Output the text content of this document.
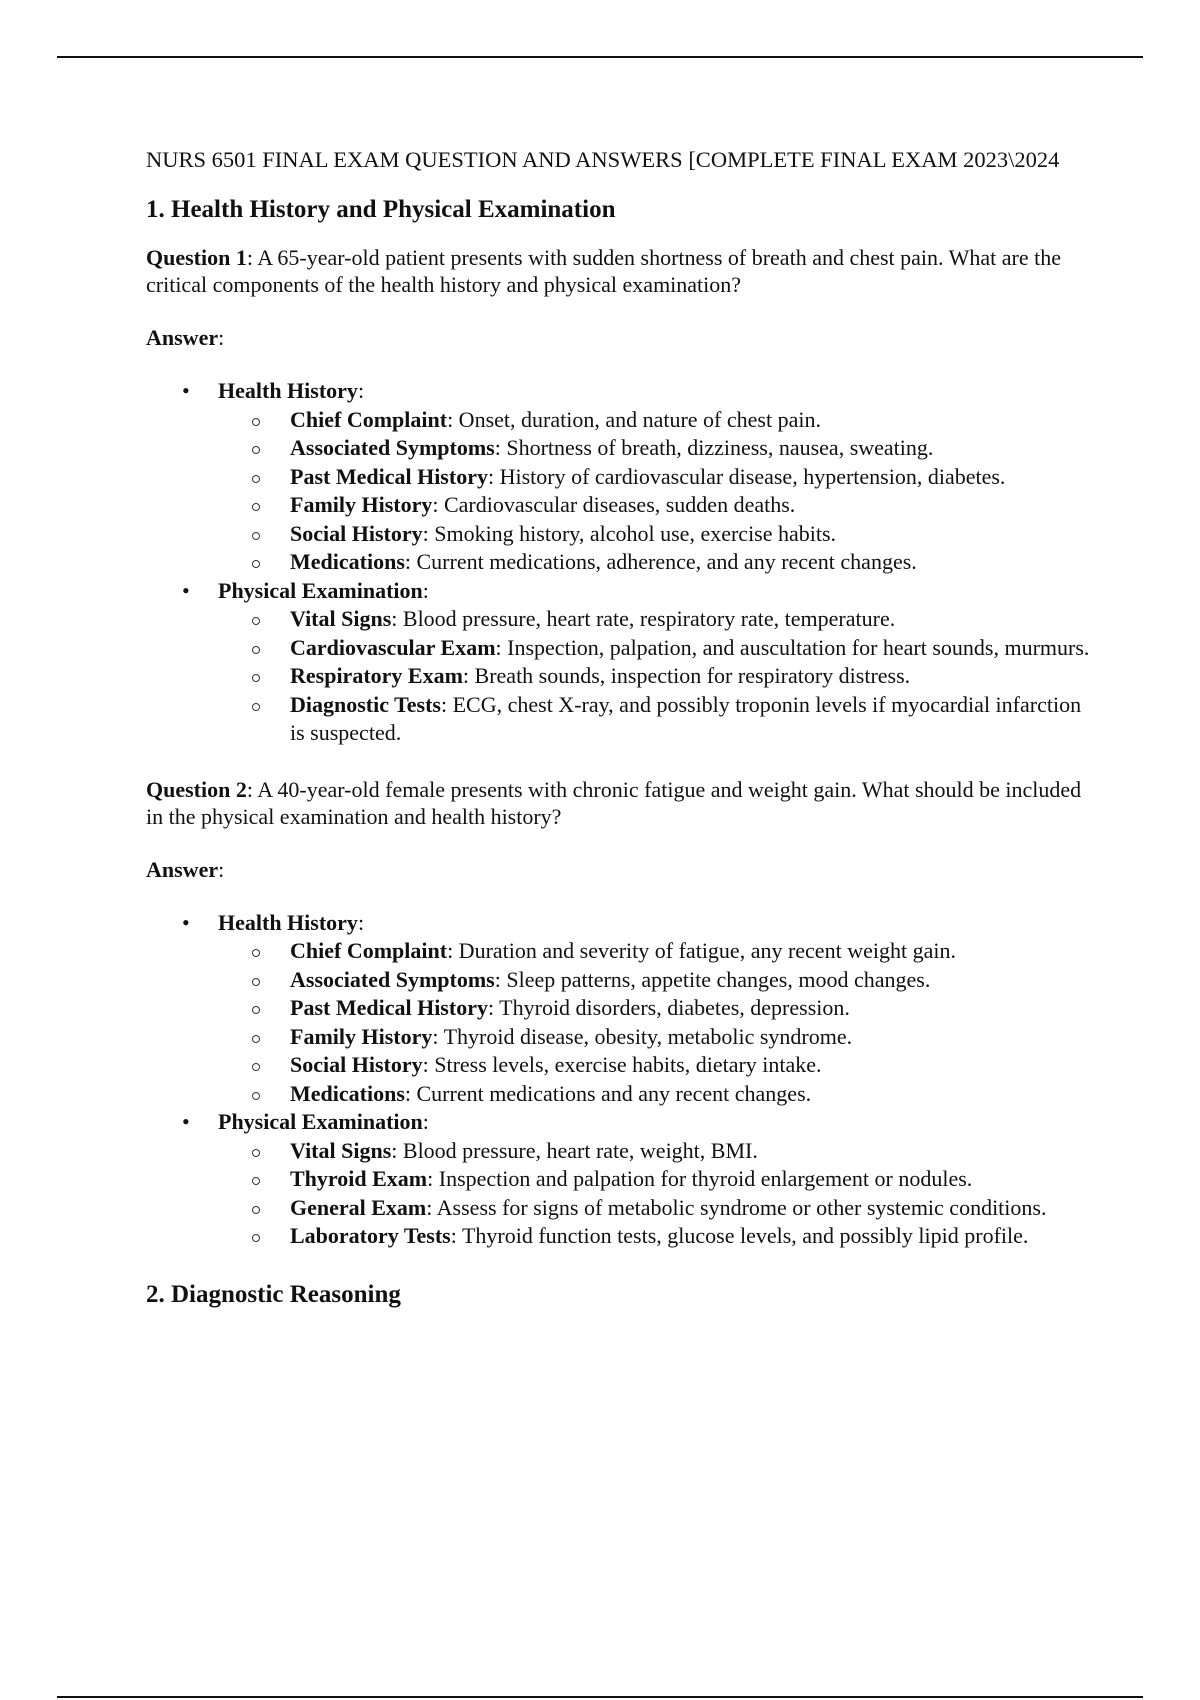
NURS 6501 FINAL EXAM QUESTION AND ANSWERS [COMPLETE FINAL EXAM 2023\2024

1. Health History and Physical Examination

Question 1: A 65-year-old patient presents with sudden shortness of breath and chest pain. What are the critical components of the health history and physical examination?

Answer:

• Health History:
Chief Complaint: Onset, duration, and nature of chest pain.
Associated Symptoms: Shortness of breath, dizziness, nausea, sweating.
Past Medical History: History of cardiovascular disease, hypertension, diabetes.
Family History: Cardiovascular diseases, sudden deaths.
Social History: Smoking history, alcohol use, exercise habits.
Medications: Current medications, adherence, and any recent changes.
• Physical Examination:
Vital Signs: Blood pressure, heart rate, respiratory rate, temperature.
Cardiovascular Exam: Inspection, palpation, and auscultation for heart sounds, murmurs.
Respiratory Exam: Breath sounds, inspection for respiratory distress.
Diagnostic Tests: ECG, chest X-ray, and possibly troponin levels if myocardial infarction is suspected.

Question 2: A 40-year-old female presents with chronic fatigue and weight gain. What should be included in the physical examination and health history?

Answer:

• Health History:
Chief Complaint: Duration and severity of fatigue, any recent weight gain.
Associated Symptoms: Sleep patterns, appetite changes, mood changes.
Past Medical History: Thyroid disorders, diabetes, depression.
Family History: Thyroid disease, obesity, metabolic syndrome.
Social History: Stress levels, exercise habits, dietary intake.
Medications: Current medications and any recent changes.
• Physical Examination:
Vital Signs: Blood pressure, heart rate, weight, BMI.
Thyroid Exam: Inspection and palpation for thyroid enlargement or nodules.
General Exam: Assess for signs of metabolic syndrome or other systemic conditions.
Laboratory Tests: Thyroid function tests, glucose levels, and possibly lipid profile.
2. Diagnostic Reasoning
